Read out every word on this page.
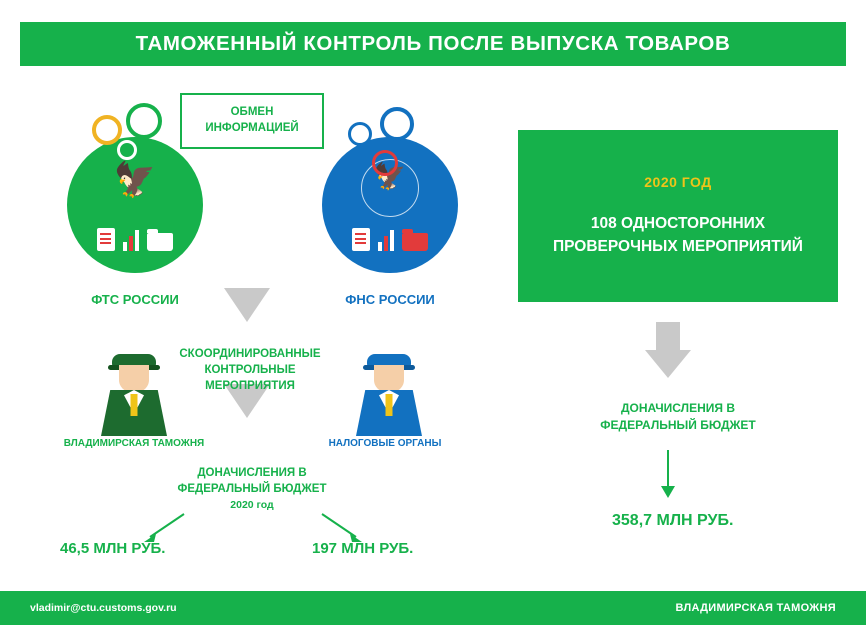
ТАМОЖЕННЫЙ КОНТРОЛЬ ПОСЛЕ ВЫПУСКА ТОВАРОВ
🦅
ФТС РОССИИ
🦅
ФНС РОССИИ
ОБМЕН
ИНФОРМАЦИЕЙ
СКООРДИНИРОВАННЫЕ
КОНТРОЛЬНЫЕ МЕРОПРИЯТИЯ
ВЛАДИМИРСКАЯ ТАМОЖНЯ	НАЛОГОВЫЕ ОРГАНЫ
ДОНАЧИСЛЕНИЯ В
ФЕДЕРАЛЬНЫЙ БЮДЖЕТ
2020 год
46,5 МЛН РУБ.	197 МЛН РУБ.
2020 ГОД
108 ОДНОСТОРОННИХ
ПРОВЕРОЧНЫХ МЕРОПРИЯТИЙ
ДОНАЧИСЛЕНИЯ В
ФЕДЕРАЛЬНЫЙ БЮДЖЕТ
358,7 МЛН РУБ.
vladimir@ctu.customs.gov.ru	ВЛАДИМИРСКАЯ ТАМОЖНЯ
